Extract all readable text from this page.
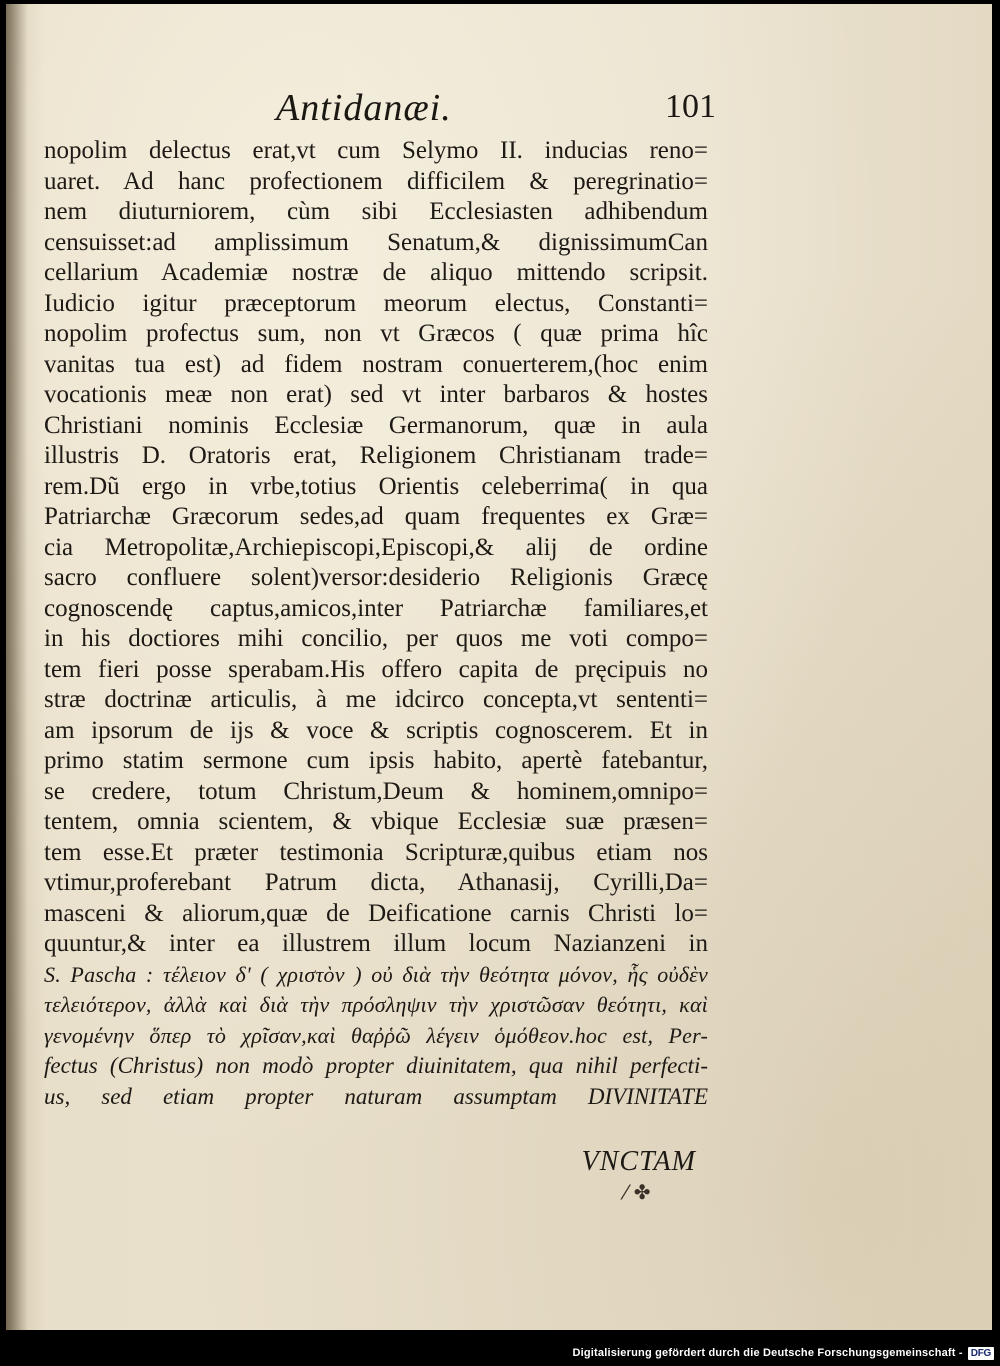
Antidanæi.	101
nopolim delectus erat,vt cum Selymo II. inducias reno=
uaret. Ad hanc profectionem difficilem & peregrinatio=
nem diuturniorem, cùm sibi Ecclesiasten adhibendum
censuisset:ad amplissimum Senatum,& dignissimumCan
cellarium Academiæ nostræ de aliquo mittendo scripsit.
Iudicio igitur præceptorum meorum electus, Constanti=
nopolim profectus sum, non vt Græcos ( quæ prima hîc
vanitas tua est) ad fidem nostram conuerterem,(hoc enim
vocationis meæ non erat) sed vt inter barbaros & hostes
Christiani nominis Ecclesiæ Germanorum, quæ in aula
illustris D. Oratoris erat, Religionem Christianam trade=
rem.Dũ ergo in vrbe,totius Orientis celeberrima( in qua
Patriarchæ Græcorum sedes,ad quam frequentes ex Græ=
cia Metropolitæ,Archiepiscopi,Episcopi,& alij de ordine
sacro confluere solent)versor:desiderio Religionis Græcę
cognoscendę captus,amicos,inter Patriarchæ familiares,et
in his doctiores mihi concilio, per quos me voti compo=
tem fieri posse sperabam.His offero capita de pręcipuis no
stræ doctrinæ articulis, à me idcirco concepta,vt sententi=
am ipsorum de ijs & voce & scriptis cognoscerem. Et in
primo statim sermone cum ipsis habito, apertè fatebantur,
se credere, totum Christum,Deum & hominem,omnipo=
tentem, omnia scientem, & vbique Ecclesiæ suæ præsen=
tem esse.Et præter testimonia Scripturæ,quibus etiam nos
vtimur,proferebant Patrum dicta, Athanasij, Cyrilli,Da=
masceni & aliorum,quæ de Deificatione carnis Christi lo=
quuntur,& inter ea illustrem illum locum Nazianzeni in
S. Pascha : τέλειον δ' ( χριστὸν ) οὐ διὰ τὴν θεότητα μόνον, ἧς οὐδὲν
τελειότερον, ἀλλὰ καὶ διὰ τὴν πρόσληψιν τὴν χριστῶσαν θεότητι, καὶ
γενομένην ὅπερ τὸ χρῖσαν,καὶ θαῤῥῶ λέγειν ὁμόθεον.hoc est, Per-
fectus (Christus) non modò propter diuinitatem, qua nihil perfecti-
us, sed etiam propter naturam assumptam DIVINITATE
VNCTAM
⁄ ✤
Digitalisierung gefördert durch die Deutsche Forschungsgemeinschaft - DFG
